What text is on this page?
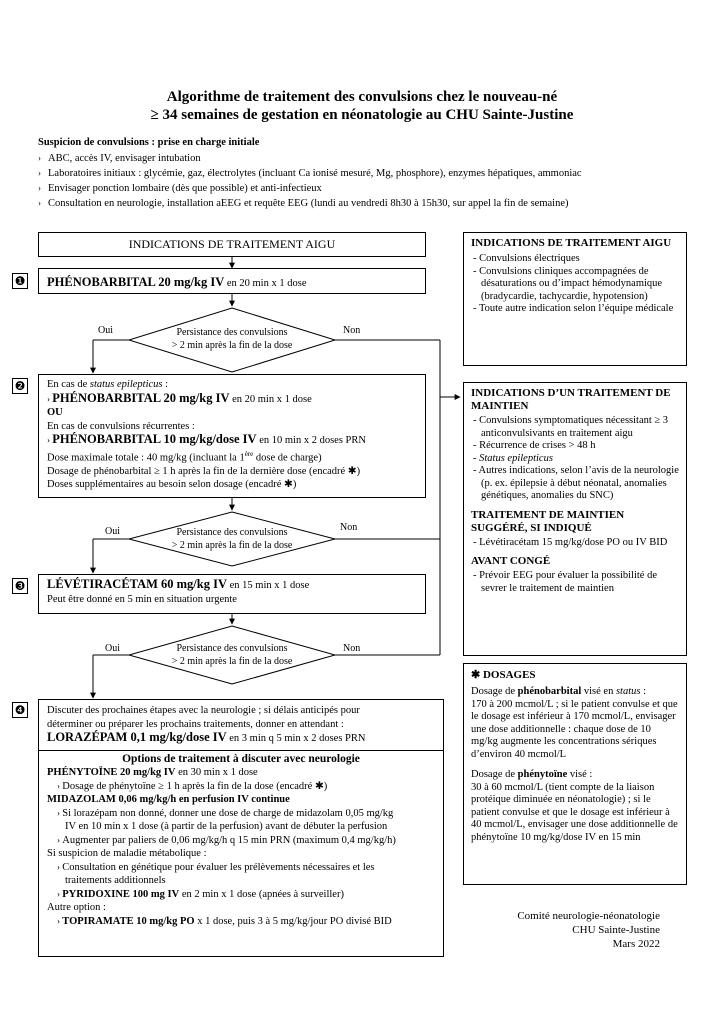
Algorithme de traitement des convulsions chez le nouveau-né
≥ 34 semaines de gestation en néonatologie au CHU Sainte-Justine
Suspicion de convulsions : prise en charge initiale
› ABC, accès IV, envisager intubation
› Laboratoires initiaux : glycémie, gaz, électrolytes (incluant Ca ionisé mesuré, Mg, phosphore), enzymes hépatiques, ammoniac
› Envisager ponction lombaire (dès que possible) et anti-infectieux
› Consultation en neurologie, installation aEEG et requête EEG (lundi au vendredi 8h30 à 15h30, sur appel la fin de semaine)
Persistance des convulsions
> 2 min après la fin de la dose
Persistance des convulsions
> 2 min après la fin de la dose
Persistance des convulsions
> 2 min après la fin de la dose
Oui	Non
Oui	Non
Oui	Non
INDICATIONS DE TRAITEMENT AIGU
❶	PHÉNOBARBITAL 20 mg/kg IV en 20 min x 1 dose
❷ En cas de status epilepticus :
› PHÉNOBARBITAL 20 mg/kg IV en 20 min x 1 dose
OU
En cas de convulsions récurrentes :
› PHÉNOBARBITAL 10 mg/kg/dose IV en 10 min x 2 doses PRN
Dose maximale totale : 40 mg/kg (incluant la 1ère dose de charge)
Dosage de phénobarbital ≥ 1 h après la fin de la dernière dose (encadré ✱)
Doses supplémentaires au besoin selon dosage (encadré ✱)
❸ LÉVÉTIRACÉTAM 60 mg/kg IV en 15 min x 1 dose
Peut être donné en 5 min en situation urgente
❹ Discuter des prochaines étapes avec la neurologie ; si délais anticipés pour
déterminer ou préparer les prochains traitements, donner en attendant :
LORAZÉPAM 0,1 mg/kg/dose IV en 3 min q 5 min x 2 doses PRN
Options de traitement à discuter avec neurologie
PHÉNYTOÏNE 20 mg/kg IV en 30 min x 1 dose
› Dosage de phénytoïne ≥ 1 h après la fin de la dose (encadré ✱)
MIDAZOLAM 0,06 mg/kg/h en perfusion IV continue
› Si lorazépam non donné, donner une dose de charge de midazolam 0,05 mg/kg
IV en 10 min x 1 dose (à partir de la perfusion) avant de débuter la perfusion
› Augmenter par paliers de 0,06 mg/kg/h q 15 min PRN (maximum 0,4 mg/kg/h)
Si suspicion de maladie métabolique :
› Consultation en génétique pour évaluer les prélèvements nécessaires et les
traitements additionnels
› PYRIDOXINE 100 mg IV en 2 min x 1 dose (apnées à surveiller)
Autre option :
› TOPIRAMATE 10 mg/kg PO x 1 dose, puis 3 à 5 mg/kg/jour PO divisé BID
INDICATIONS DE TRAITEMENT AIGU
- Convulsions électriques
- Convulsions cliniques accompagnées de désaturations ou d’impact hémodynamique (bradycardie, tachycardie, hypotension)
- Toute autre indication selon l’équipe médicale
INDICATIONS D’UN TRAITEMENT DE MAINTIEN
- Convulsions symptomatiques nécessitant ≥ 3 anticonvulsivants en traitement aigu
- Récurrence de crises > 48 h
- Status epilepticus
- Autres indications, selon l’avis de la neurologie (p. ex. épilepsie à début néonatal, anomalies génétiques, anomalies du SNC)
TRAITEMENT DE MAINTIEN SUGGÉRÉ, SI INDIQUÉ
- Lévétiracétam 15 mg/kg/dose PO ou IV BID
AVANT CONGÉ
- Prévoir EEG pour évaluer la possibilité de sevrer le traitement de maintien
✱ DOSAGES
Dosage de phénobarbital visé en status :
170 à 200 mcmol/L ; si le patient convulse et que le dosage est inférieur à 170 mcmol/L, envisager une dose additionnelle : chaque dose de 10 mg/kg augmente les concentrations sériques d’environ 40 mcmol/L
Dosage de phénytoïne visé :
30 à 60 mcmol/L (tient compte de la liaison protéique diminuée en néonatologie) ; si le patient convulse et que le dosage est inférieur à 40 mcmol/L, envisager une dose additionnelle de phénytoïne 10 mg/kg/dose IV en 15 min
Comité neurologie-néonatologie
CHU Sainte-Justine
Mars 2022
